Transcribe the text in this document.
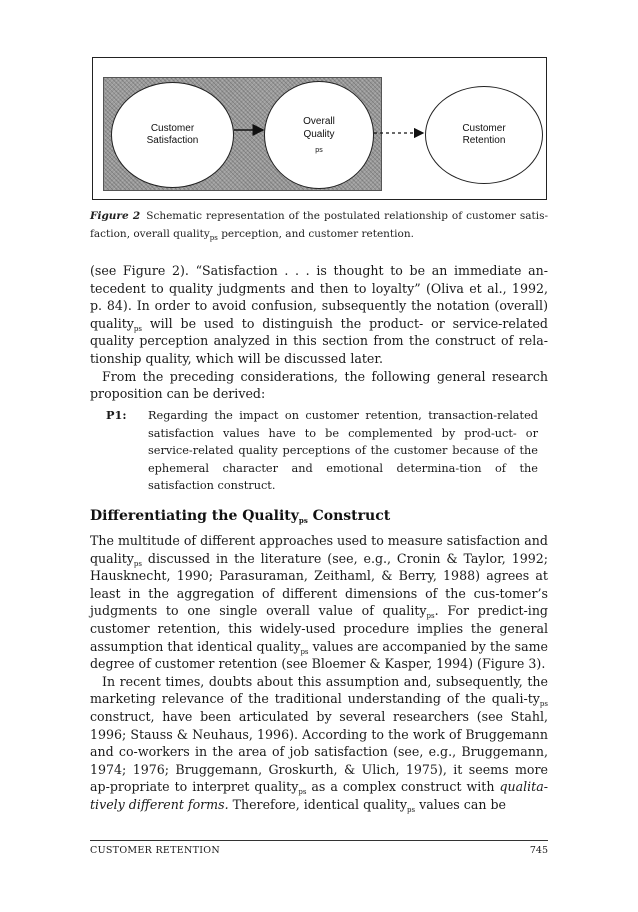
Customer
Satisfaction
Overall
Quality
$_{ps}$
Customer
Retention
Figure 2 Schematic representation of the postulated relationship of customer satis-faction, overall quality$_{ps}$ perception, and customer retention.

(see Figure 2). “Satisfaction . . . is thought to be an immediate an-tecedent to quality judgments and then to loyalty” (Oliva et al., 1992, p. 84). In order to avoid confusion, subsequently the notation (overall) quality$_{ps}$ will be used to distinguish the product- or service-related quality perception analyzed in this section from the construct of rela-tionship quality, which will be discussed later.

From the preceding considerations, the following general research proposition can be derived:

P1: Regarding the impact on customer retention, transaction-related satisfaction values have to be complemented by prod-uct- or service-related quality perceptions of the customer because of the ephemeral character and emotional determina-tion of the satisfaction construct.
Differentiating the Quality$_{ps}$ Construct

The multitude of different approaches used to measure satisfaction and quality$_{ps}$ discussed in the literature (see, e.g., Cronin & Taylor, 1992; Hausknecht, 1990; Parasuraman, Zeithaml, & Berry, 1988) agrees at least in the aggregation of different dimensions of the cus-tomer’s judgments to one single overall value of quality$_{ps}$. For predict-ing customer retention, this widely-used procedure implies the general assumption that identical quality$_{ps}$ values are accompanied by the same degree of customer retention (see Bloemer & Kasper, 1994) (Figure 3).

In recent times, doubts about this assumption and, subsequently, the marketing relevance of the traditional understanding of the quali-$ty_{ps}$ construct, have been articulated by several researchers (see Stahl, 1996; Stauss & Neuhaus, 1996). According to the work of Bruggemann and co-workers in the area of job satisfaction (see, e.g., Bruggemann, 1974; 1976; Bruggemann, Groskurth, & Ulich, 1975), it seems more ap-propriate to interpret quality$_{ps}$ as a complex construct with qualita-tively different forms. Therefore, identical quality$_{ps}$ values can be

CUSTOMER RETENTION	745
